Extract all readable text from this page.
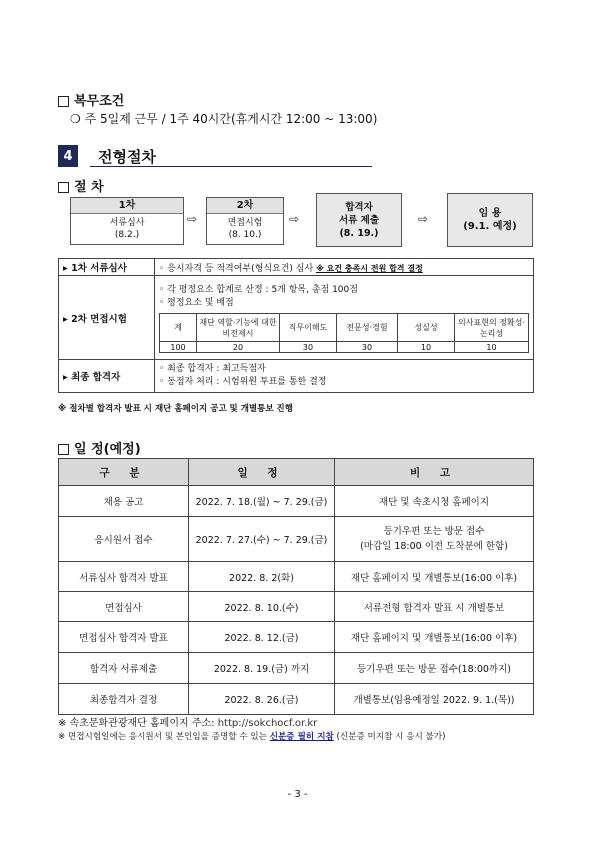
복무조건
❍ 주 5일제 근무 / 1주 40시간(휴게시간 12:00 ~ 13:00)
4	전형절차
절 차
1차
서류심사
(8.2.)
⇨
2차
면접시험
(8. 10.)
⇨
합격자
서류 제출
(8. 19.)
⇨	임 용
(9.1. 예정)
▸ 1차 서류심사	◦ 응시자격 등 적격여부(형식요건) 심사 ※ 요건 충족시 전원 합격 결정
▸ 2차 면접시험	
◦ 각 평정요소 합계로 산정 : 5개 항목, 총점 100점
◦ 평정요소 및 배점
계	재단 역할·기능에 대한 비전제시	직무이해도	전문성·경험	성실성	의사표현의 정확성·논리성
100	20	30	30	10	10

▸ 최종 합격자	
◦ 최종 합격자 : 최고득점자
◦ 동점자 처리 : 시험위원 투표를 통한 결정
※ 절차별 합격자 발표 시 재단 홈페이지 공고 및 개별통보 진행
일 정(예정)
구 분	일 정	비 고
채용 공고	2022. 7. 18.(월) ~ 7. 29.(금)	재단 및 속초시청 홈페이지
응시원서 접수	2022. 7. 27.(수) ~ 7. 29.(금)	등기우편 또는 방문 접수
(마감일 18:00 이전 도착분에 한함)

서류심사 합격자 발표	2022. 8. 2(화)	재단 홈페이지 및 개별통보(16:00 이후)
면접심사	2022. 8. 10.(수)	서류전형 합격자 발표 시 개별통보
면접심사 합격자 발표	2022. 8. 12.(금)	재단 홈페이지 및 개별통보(16:00 이후)
합격자 서류제출	2022. 8. 19.(금) 까지	등기우편 또는 방문 접수(18:00까지)
최종합격자 결정	2022. 8. 26.(금)	개별통보(임용예정일 2022. 9. 1.(목))
※ 속초문화관광재단 홈페이지 주소: http://sokchocf.or.kr
※ 면접시험일에는 응시원서 및 본인임을 증명할 수 있는 신분증 필히 지참 (신분증 미지참 시 응시 불가)
- 3 -
